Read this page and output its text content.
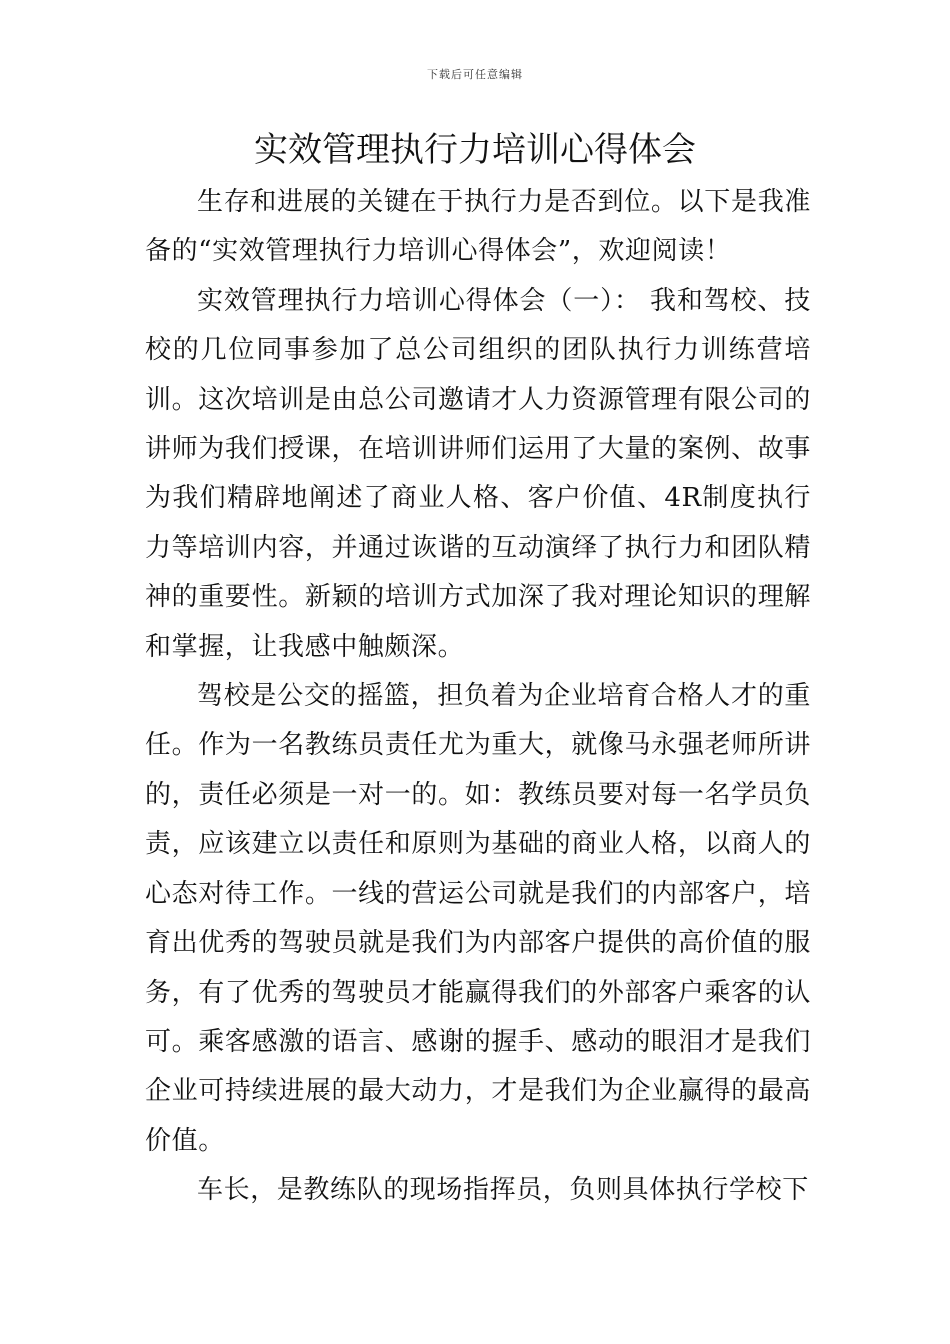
下载后可任意编辑
实效管理执行力培训心得体会

生存和进展的关键在于执行力是否到位。以下是我准备的“实效管理执行力培训心得体会”，欢迎阅读！

实效管理执行力培训心得体会（一）： 我和驾校、技校的几位同事参加了总公司组织的团队执行力训练营培训。这次培训是由总公司邀请才人力资源管理有限公司的讲师为我们授课，在培训讲师们运用了大量的案例、故事为我们精辟地阐述了商业人格、客户价值、4R制度执行力等培训内容，并通过诙谐的互动演绎了执行力和团队精神的重要性。新颖的培训方式加深了我对理论知识的理解和掌握，让我感中触颇深。

驾校是公交的摇篮，担负着为企业培育合格人才的重任。作为一名教练员责任尤为重大，就像马永强老师所讲的，责任必须是一对一的。如：教练员要对每一名学员负责，应该建立以责任和原则为基础的商业人格，以商人的心态对待工作。一线的营运公司就是我们的内部客户，培育出优秀的驾驶员就是我们为内部客户提供的高价值的服务，有了优秀的驾驶员才能赢得我们的外部客户乘客的认可。乘客感激的语言、感谢的握手、感动的眼泪才是我们企业可持续进展的最大动力，才是我们为企业赢得的最高价值。

车长，是教练队的现场指挥员，负则具体执行学校下
